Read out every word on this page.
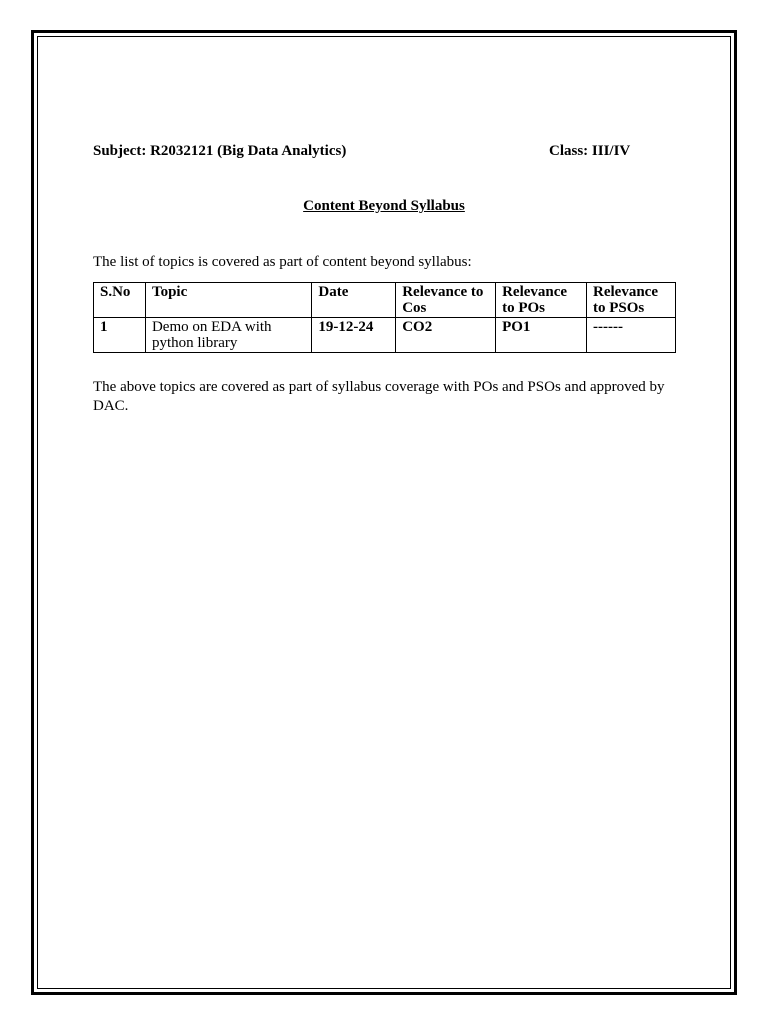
Subject: R2032121 (Big Data Analytics)	Class: III/IV
Content Beyond Syllabus
The list of topics is covered as part of content beyond syllabus:
S.No	Topic	Date	Relevance to Cos	Relevance to POs	Relevance to PSOs
1	Demo on EDA with python library	19-12-24	CO2	PO1	------
The above topics are covered as part of syllabus coverage with POs and PSOs and approved by DAC.
